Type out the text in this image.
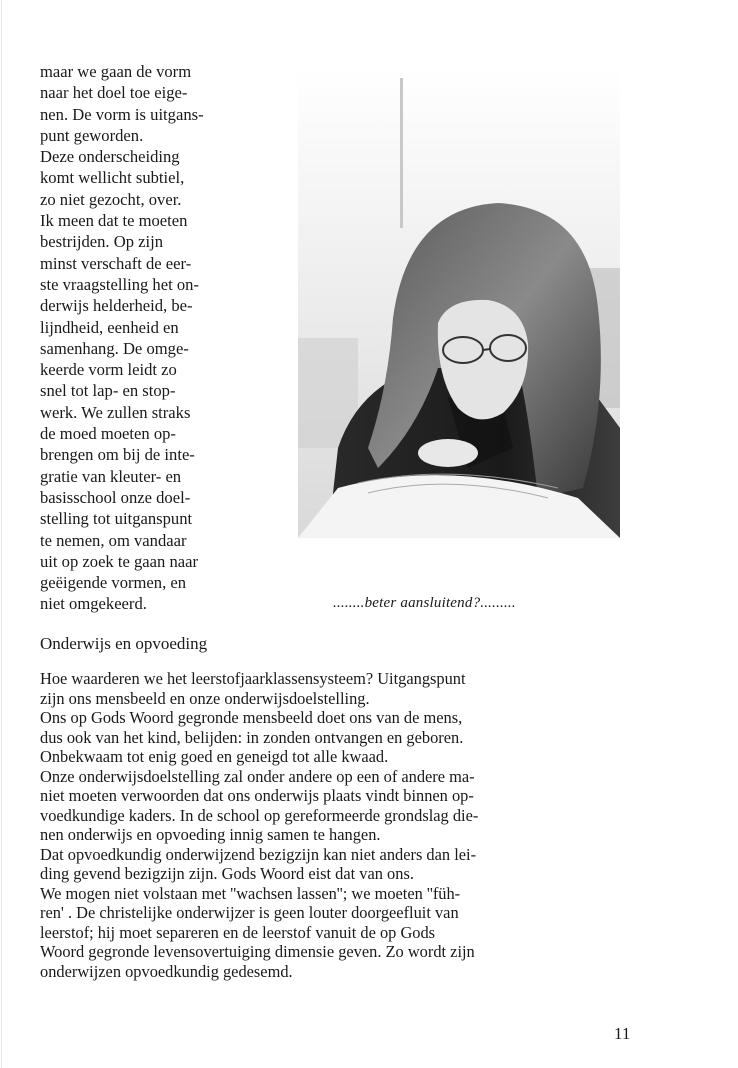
maar we gaan de vorm
naar het doel toe eige-
nen. De vorm is uitgans-
punt geworden.
Deze onderscheiding
komt wellicht subtiel,
zo niet gezocht, over.
Ik meen dat te moeten
bestrijden. Op zijn
minst verschaft de eer-
ste vraagstelling het on-
derwijs helderheid, be-
lijndheid, eenheid en
samenhang. De omge-
keerde vorm leidt zo
snel tot lap- en stop-
werk. We zullen straks
de moed moeten op-
brengen om bij de inte-
gratie van kleuter- en
basisschool onze doel-
stelling tot uitganspunt
te nemen, om vandaar
uit op zoek te gaan naar
geëigende vormen, en
niet omgekeerd.	........beter aansluitend?.........
Onderwijs en opvoeding
Hoe waarderen we het leerstofjaarklassensysteem? Uitgangspunt
zijn ons mensbeeld en onze onderwijsdoelstelling.
Ons op Gods Woord gegronde mensbeeld doet ons van de mens,
dus ook van het kind, belijden: in zonden ontvangen en geboren.
Onbekwaam tot enig goed en geneigd tot alle kwaad.
Onze onderwijsdoelstelling zal onder andere op een of andere ma-
niet moeten verwoorden dat ons onderwijs plaats vindt binnen op-
voedkundige kaders. In de school op gereformeerde grondslag die-
nen onderwijs en opvoeding innig samen te hangen.
Dat opvoedkundig onderwijzend bezigzijn kan niet anders dan lei-
ding gevend bezigzijn zijn. Gods Woord eist dat van ons.
We mogen niet volstaan met ''wachsen lassen''; we moeten ''füh-
ren' . De christelijke onderwijzer is geen louter doorgeefluit van
leerstof; hij moet separeren en de leerstof vanuit de op Gods
Woord gegronde levensovertuiging dimensie geven. Zo wordt zijn
onderwijzen opvoedkundig gedesemd.
11
